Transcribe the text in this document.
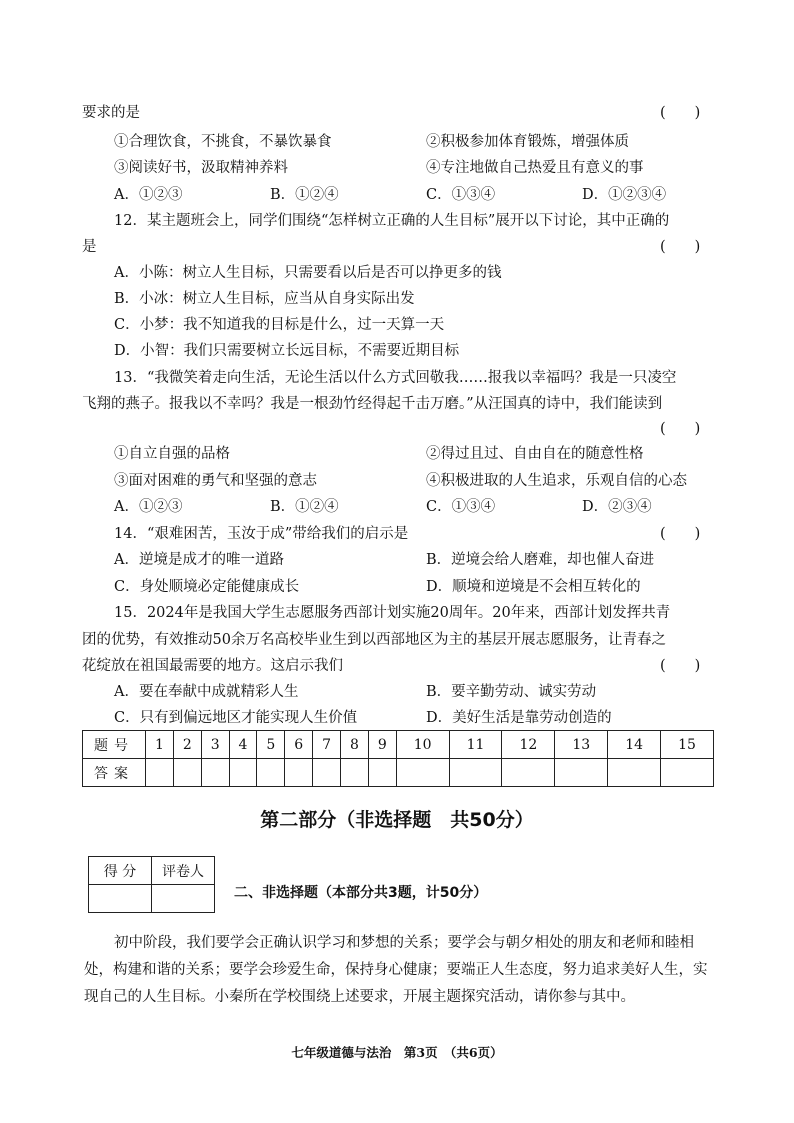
要求的是	(　　)
①合理饮食，不挑食，不暴饮暴食	②积极参加体育锻炼，增强体质
③阅读好书，汲取精神养料	④专注地做自己热爱且有意义的事
A．①②③	B．①②④	C．①③④	D．①②③④
12．某主题班会上，同学们围绕“怎样树立正确的人生目标”展开以下讨论，其中正确的
是	(　　)
A．小陈：树立人生目标，只需要看以后是否可以挣更多的钱
B．小冰：树立人生目标，应当从自身实际出发
C．小梦：我不知道我的目标是什么，过一天算一天
D．小智：我们只需要树立长远目标，不需要近期目标
13．“我微笑着走向生活，无论生活以什么方式回敬我……报我以幸福吗？我是一只凌空
飞翔的燕子。报我以不幸吗？我是一根劲竹经得起千击万磨。”从汪国真的诗中，我们能读到
(　　)
①自立自强的品格	②得过且过、自由自在的随意性格
③面对困难的勇气和坚强的意志	④积极进取的人生追求，乐观自信的心态
A．①②③	B．①②④	C．①③④	D．②③④
14．“艰难困苦，玉汝于成”带给我们的启示是	(　　)
A．逆境是成才的唯一道路	B．逆境会给人磨难，却也催人奋进
C．身处顺境必定能健康成长	D．顺境和逆境是不会相互转化的
15．2024年是我国大学生志愿服务西部计划实施20周年。20年来，西部计划发挥共青
团的优势，有效推动50余万名高校毕业生到以西部地区为主的基层开展志愿服务，让青春之
花绽放在祖国最需要的地方。这启示我们	(　　)
A．要在奉献中成就精彩人生	B．要辛勤劳动、诚实劳动
C．只有到偏远地区才能实现人生价值	D．美好生活是靠劳动创造的
题号	1	2	3	4	5	6	7	8	9	10	11	12	13	14	15
答案															
第二部分（非选择题　共50分）
得 分	评卷人

二、非选择题（本部分共3题，计50分）
初中阶段，我们要学会正确认识学习和梦想的关系；要学会与朝夕相处的朋友和老师和睦相处，构建和谐的关系；要学会珍爱生命，保持身心健康；要端正人生态度，努力追求美好人生，实现自己的人生目标。小秦所在学校围绕上述要求，开展主题探究活动，请你参与其中。
七年级道德与法治　第3页　（共6页）
